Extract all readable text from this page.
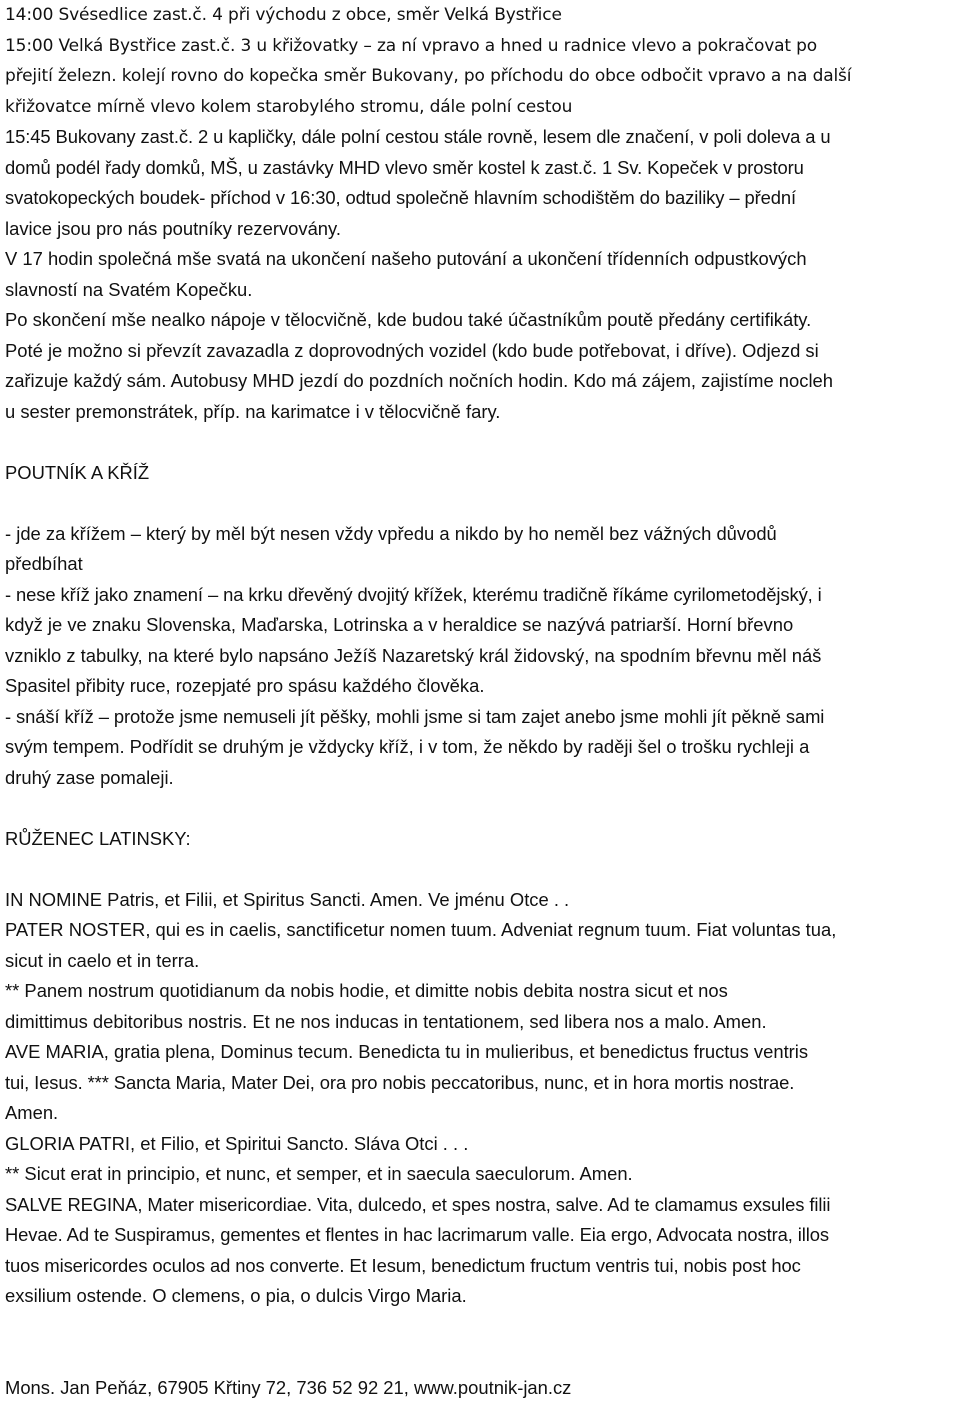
14:00 Svésedlice zast.č. 4 při východu z obce, směr Velká Bystřice
15:00 Velká Bystřice zast.č. 3 u křižovatky – za ní vpravo a hned u radnice vlevo a pokračovat po
přejití železn. kolejí rovno do kopečka směr Bukovany, po příchodu do obce odbočit vpravo a na další
křižovatce mírně vlevo kolem starobylého stromu, dále polní cestou
15:45 Bukovany zast.č. 2 u kapličky, dále polní cestou stále rovně, lesem dle značení, v poli doleva a u
domů podél řady domků, MŠ, u zastávky MHD vlevo směr kostel k zast.č. 1 Sv. Kopeček v prostoru
svatokopeckých boudek- příchod v 16:30, odtud společně hlavním schodištěm do baziliky – přední
lavice jsou pro nás poutníky rezervovány.
V 17 hodin společná mše svatá na ukončení našeho putování a ukončení třídenních odpustkových
slavností na Svatém Kopečku.
Po skončení mše nealko nápoje v tělocvičně, kde budou také účastníkům poutě předány certifikáty.
Poté je možno si převzít zavazadla z doprovodných vozidel (kdo bude potřebovat, i dříve). Odjezd si
zařizuje každý sám. Autobusy MHD jezdí do pozdních nočních hodin. Kdo má zájem, zajistíme nocleh
u sester premonstrátek, příp. na karimatce i v tělocvičně fary.
POUTNÍK A KŘÍŽ
- jde za křížem – který by měl být nesen vždy vpředu a nikdo by ho neměl bez vážných důvodů
předbíhat
- nese kříž jako znamení – na krku dřevěný dvojitý křížek, kterému tradičně říkáme cyrilometodějský, i
když je ve znaku Slovenska, Maďarska, Lotrinska a v heraldice se nazývá patriarší. Horní břevno
vzniklo z tabulky, na které bylo napsáno Ježíš Nazaretský král židovský, na spodním břevnu měl náš
Spasitel přibity ruce, rozepjaté pro spásu každého člověka.
- snáší kříž – protože jsme nemuseli jít pěšky, mohli jsme si tam zajet anebo jsme mohli jít pěkně sami
svým tempem. Podřídit se druhým je vždycky kříž, i v tom, že někdo by raději šel o trošku rychleji a
druhý zase pomaleji.
RŮŽENEC LATINSKY:
IN NOMINE Patris, et Filii, et Spiritus Sancti. Amen. Ve jménu Otce . .
PATER NOSTER, qui es in caelis, sanctificetur nomen tuum. Adveniat regnum tuum. Fiat voluntas tua,
sicut in caelo et in terra.
** Panem nostrum quotidianum da nobis hodie, et dimitte nobis debita nostra sicut et nos
dimittimus debitoribus nostris. Et ne nos inducas in tentationem, sed libera nos a malo. Amen.
AVE MARIA, gratia plena, Dominus tecum. Benedicta tu in mulieribus, et benedictus fructus ventris
tui, Iesus. *** Sancta Maria, Mater Dei, ora pro nobis peccatoribus, nunc, et in hora mortis nostrae.
Amen.
GLORIA PATRI, et Filio, et Spiritui Sancto. Sláva Otci . . .
** Sicut erat in principio, et nunc, et semper, et in saecula saeculorum. Amen.
SALVE REGINA, Mater misericordiae. Vita, dulcedo, et spes nostra, salve. Ad te clamamus exsules filii
Hevae. Ad te Suspiramus, gementes et flentes in hac lacrimarum valle. Eia ergo, Advocata nostra, illos
tuos misericordes oculos ad nos converte. Et Iesum, benedictum fructum ventris tui, nobis post hoc
exsilium ostende. O clemens, o pia, o dulcis Virgo Maria.
Mons. Jan Peňáz, 67905 Křtiny 72, 736 52 92 21, www.poutnik-jan.cz
